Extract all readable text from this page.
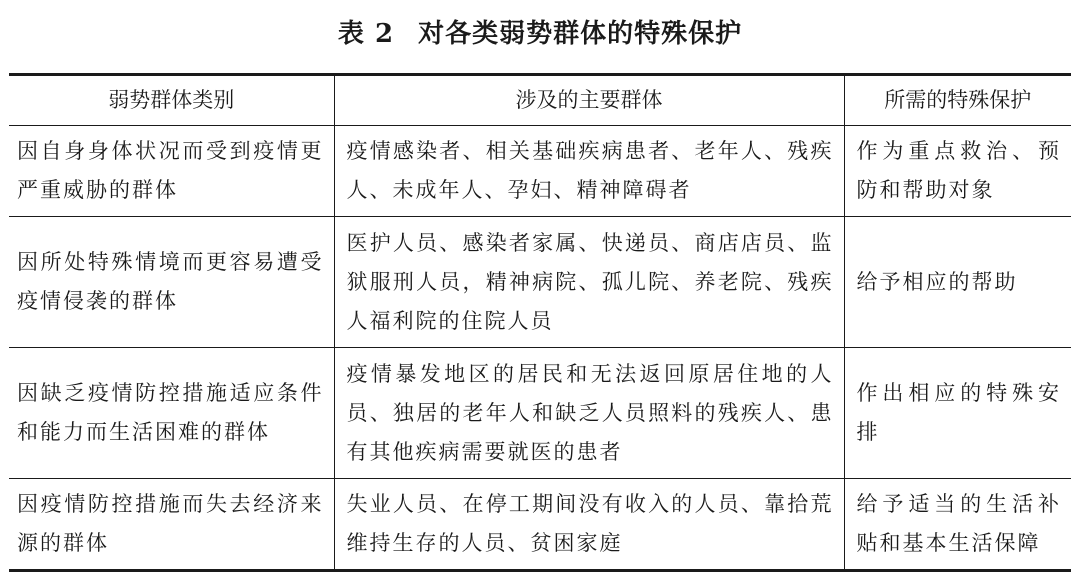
表 2 对各类弱势群体的特殊保护
弱势群体类别	涉及的主要群体	所需的特殊保护
因自身身体状况而受到疫情更严重威胁的群体	疫情感染者、相关基础疾病患者、老年人、残疾人、未成年人、孕妇、精神障碍者	作为重点救治、预防和帮助对象
因所处特殊情境而更容易遭受疫情侵袭的群体	医护人员、感染者家属、快递员、商店店员、监狱服刑人员，精神病院、孤儿院、养老院、残疾人福利院的住院人员	给予相应的帮助
因缺乏疫情防控措施适应条件和能力而生活困难的群体	疫情暴发地区的居民和无法返回原居住地的人员、独居的老年人和缺乏人员照料的残疾人、患有其他疾病需要就医的患者	作出相应的特殊安排
因疫情防控措施而失去经济来源的群体	失业人员、在停工期间没有收入的人员、靠拾荒维持生存的人员、贫困家庭	给予适当的生活补贴和基本生活保障
